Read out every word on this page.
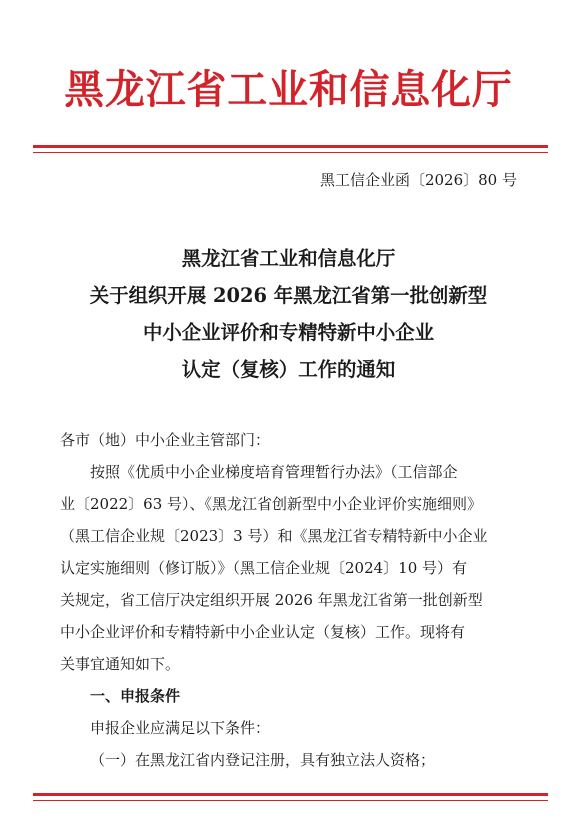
黑龙江省工业和信息化厅
黑工信企业函〔2026〕80 号
黑龙江省工业和信息化厅
关于组织开展 2026 年黑龙江省第一批创新型
中小企业评价和专精特新中小企业
认定（复核）工作的通知
各市（地）中小企业主管部门：
按照《优质中小企业梯度培育管理暂行办法》（工信部企
业〔2022〕63 号）、《黑龙江省创新型中小企业评价实施细则》
（黑工信企业规〔2023〕3 号）和《黑龙江省专精特新中小企业
认定实施细则（修订版）》（黑工信企业规〔2024〕10 号）有
关规定，省工信厅决定组织开展 2026 年黑龙江省第一批创新型
中小企业评价和专精特新中小企业认定（复核）工作。现将有
关事宜通知如下。
一、申报条件
申报企业应满足以下条件：
（一）在黑龙江省内登记注册，具有独立法人资格；
